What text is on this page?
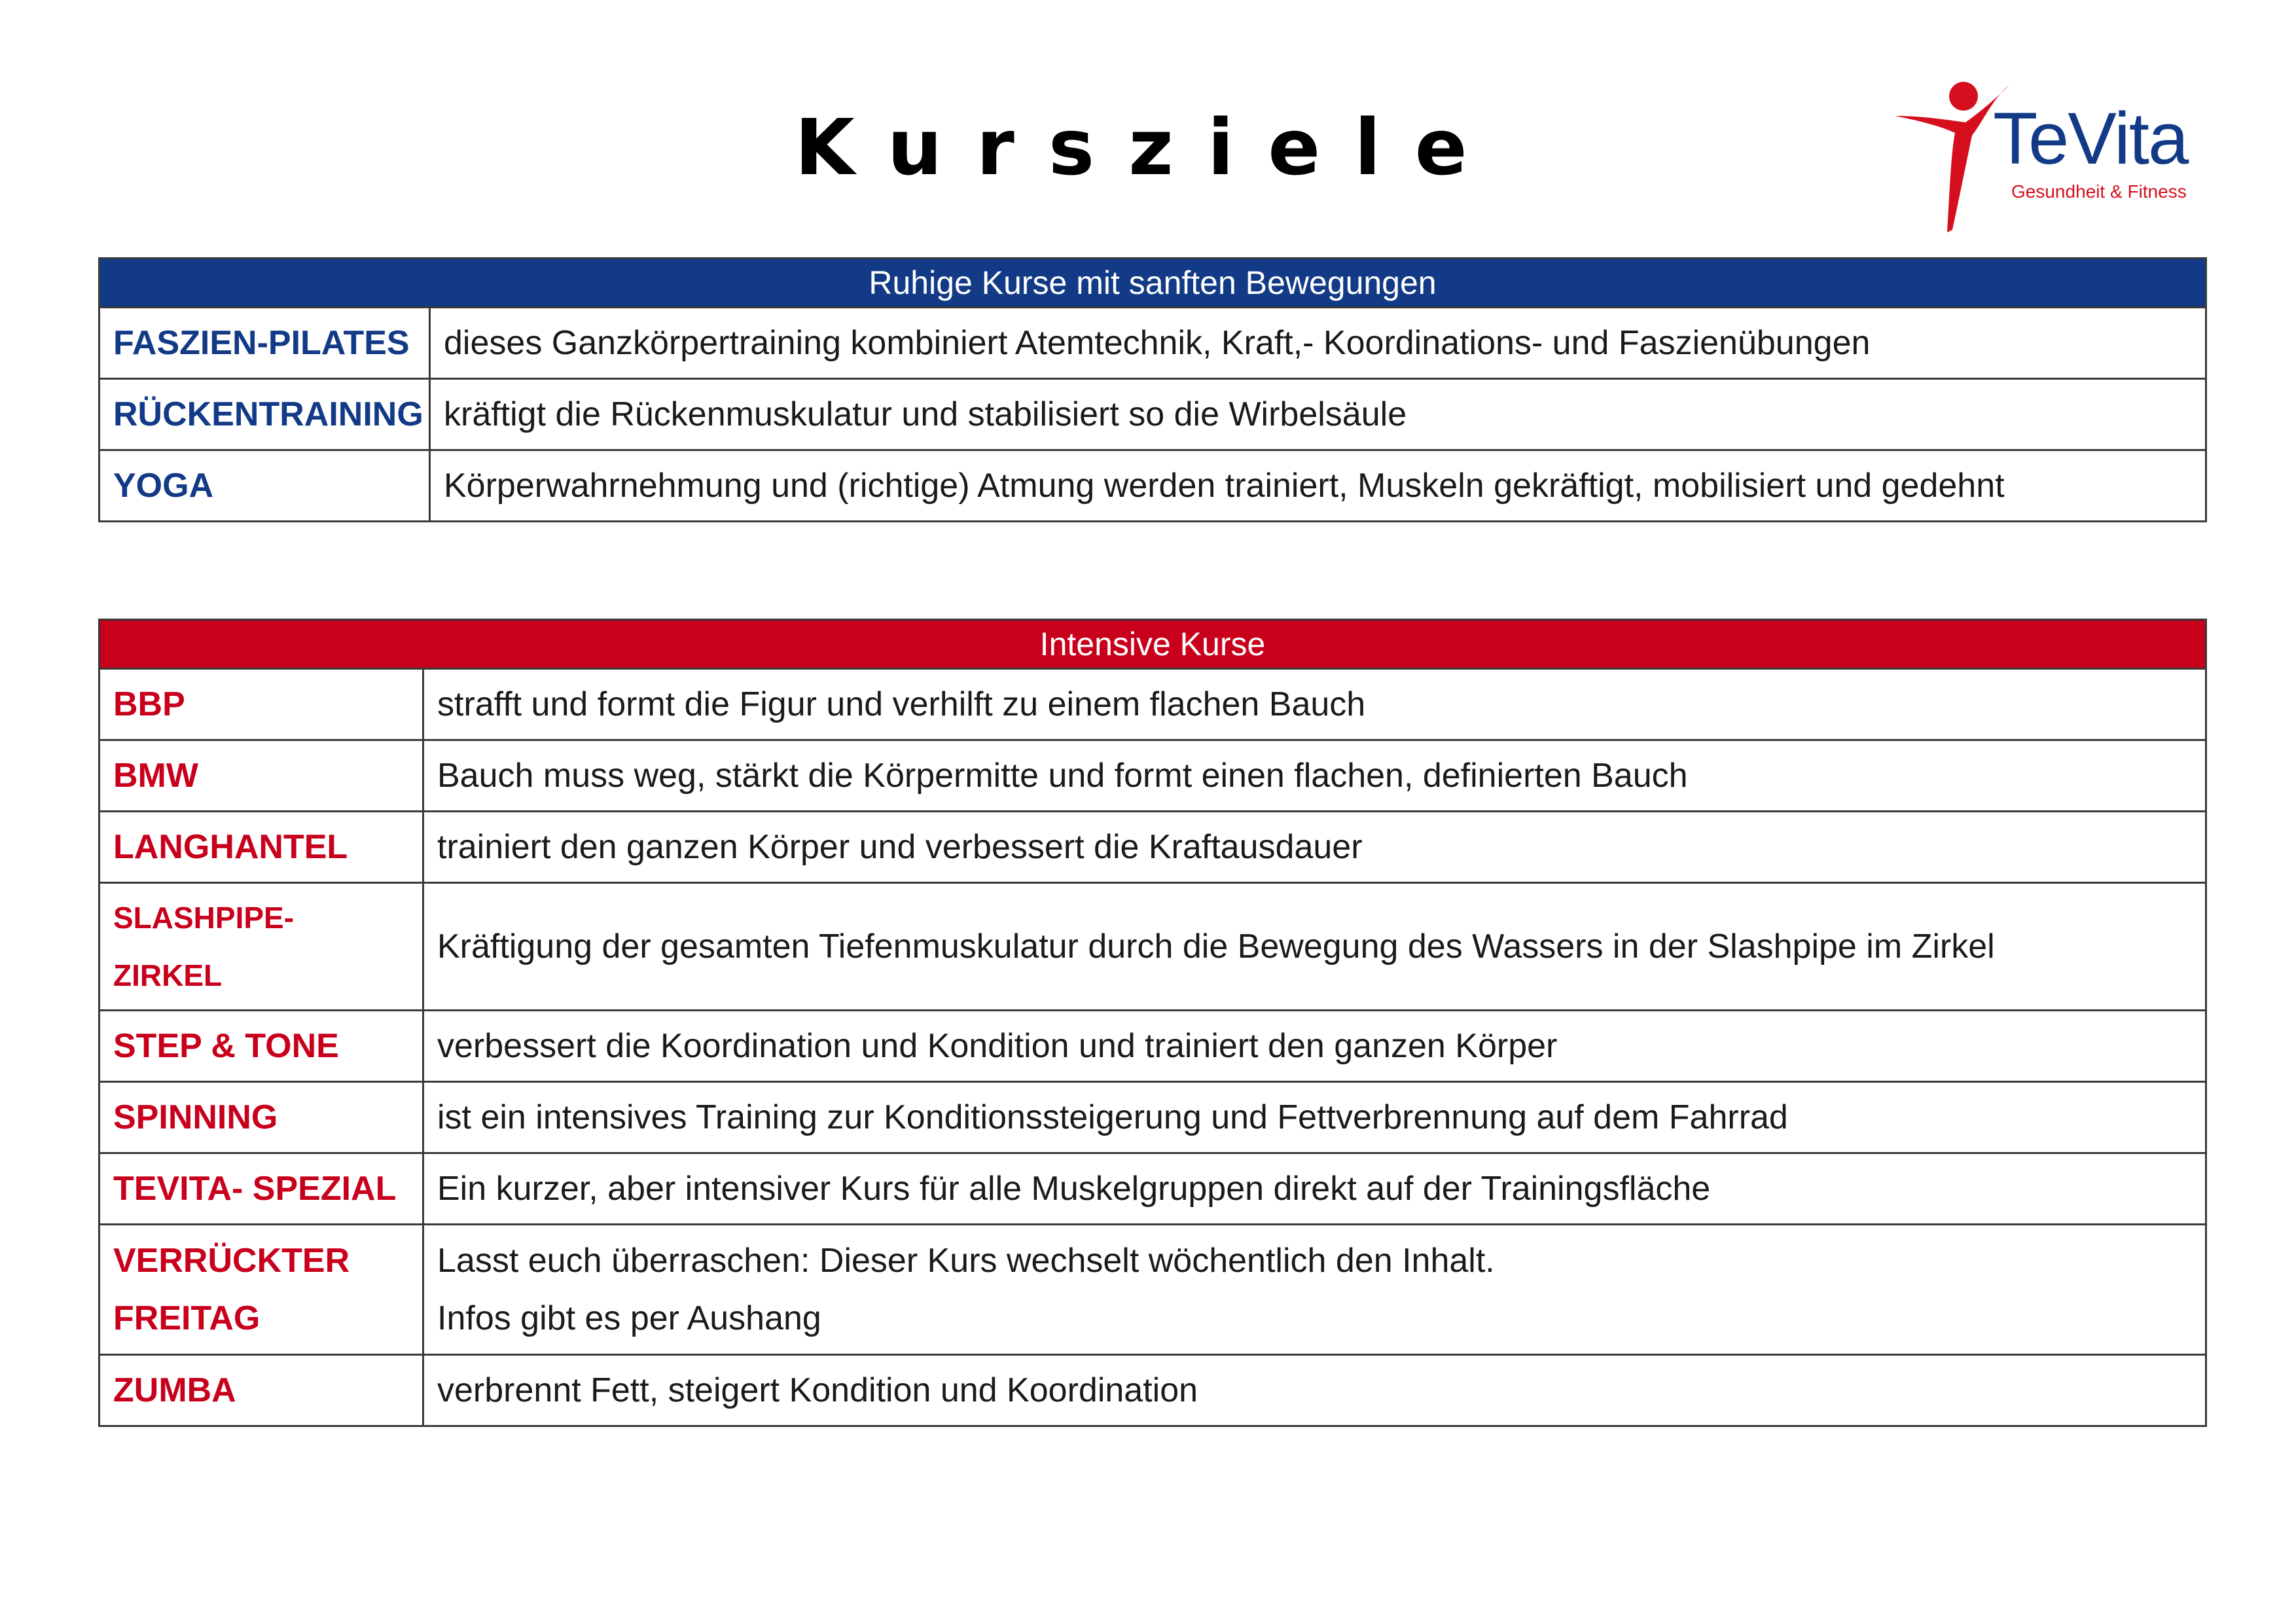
Kursziele	TeVita
Gesundheit & Fitness
Ruhige Kurse mit sanften Bewegungen	
FASZIEN-PILATES	dieses Ganzkörpertraining kombiniert Atemtechnik, Kraft,- Koordinations- und Faszienübungen
RÜCKENTRAINING	kräftigt die Rückenmuskulatur und stabilisiert so die Wirbelsäule
YOGA	Körperwahrnehmung und (richtige) Atmung werden trainiert, Muskeln gekräftigt, mobilisiert und gedehnt
Intensive Kurse	
BBP	strafft und formt die Figur und verhilft zu einem flachen Bauch
BMW	Bauch muss weg, stärkt die Körpermitte und formt einen flachen, definierten Bauch
LANGHANTEL	trainiert den ganzen Körper und verbessert die Kraftausdauer
SLASHPIPE- ZIRKEL	Kräftigung der gesamten Tiefenmuskulatur durch die Bewegung des Wassers in der Slashpipe im Zirkel
STEP & TONE	verbessert die Koordination und Kondition und trainiert den ganzen Körper
SPINNING	ist ein intensives Training zur Konditionssteigerung und Fettverbrennung auf dem Fahrrad
TEVITA- SPEZIAL	Ein kurzer, aber intensiver Kurs für alle Muskelgruppen direkt auf der Trainingsfläche

VERRÜCKTER
FREITAG	Lasst euch überraschen: Dieser Kurs wechselt wöchentlich den Inhalt.
Infos gibt es per Aushang

ZUMBA	verbrennt Fett, steigert Kondition und Koordination
